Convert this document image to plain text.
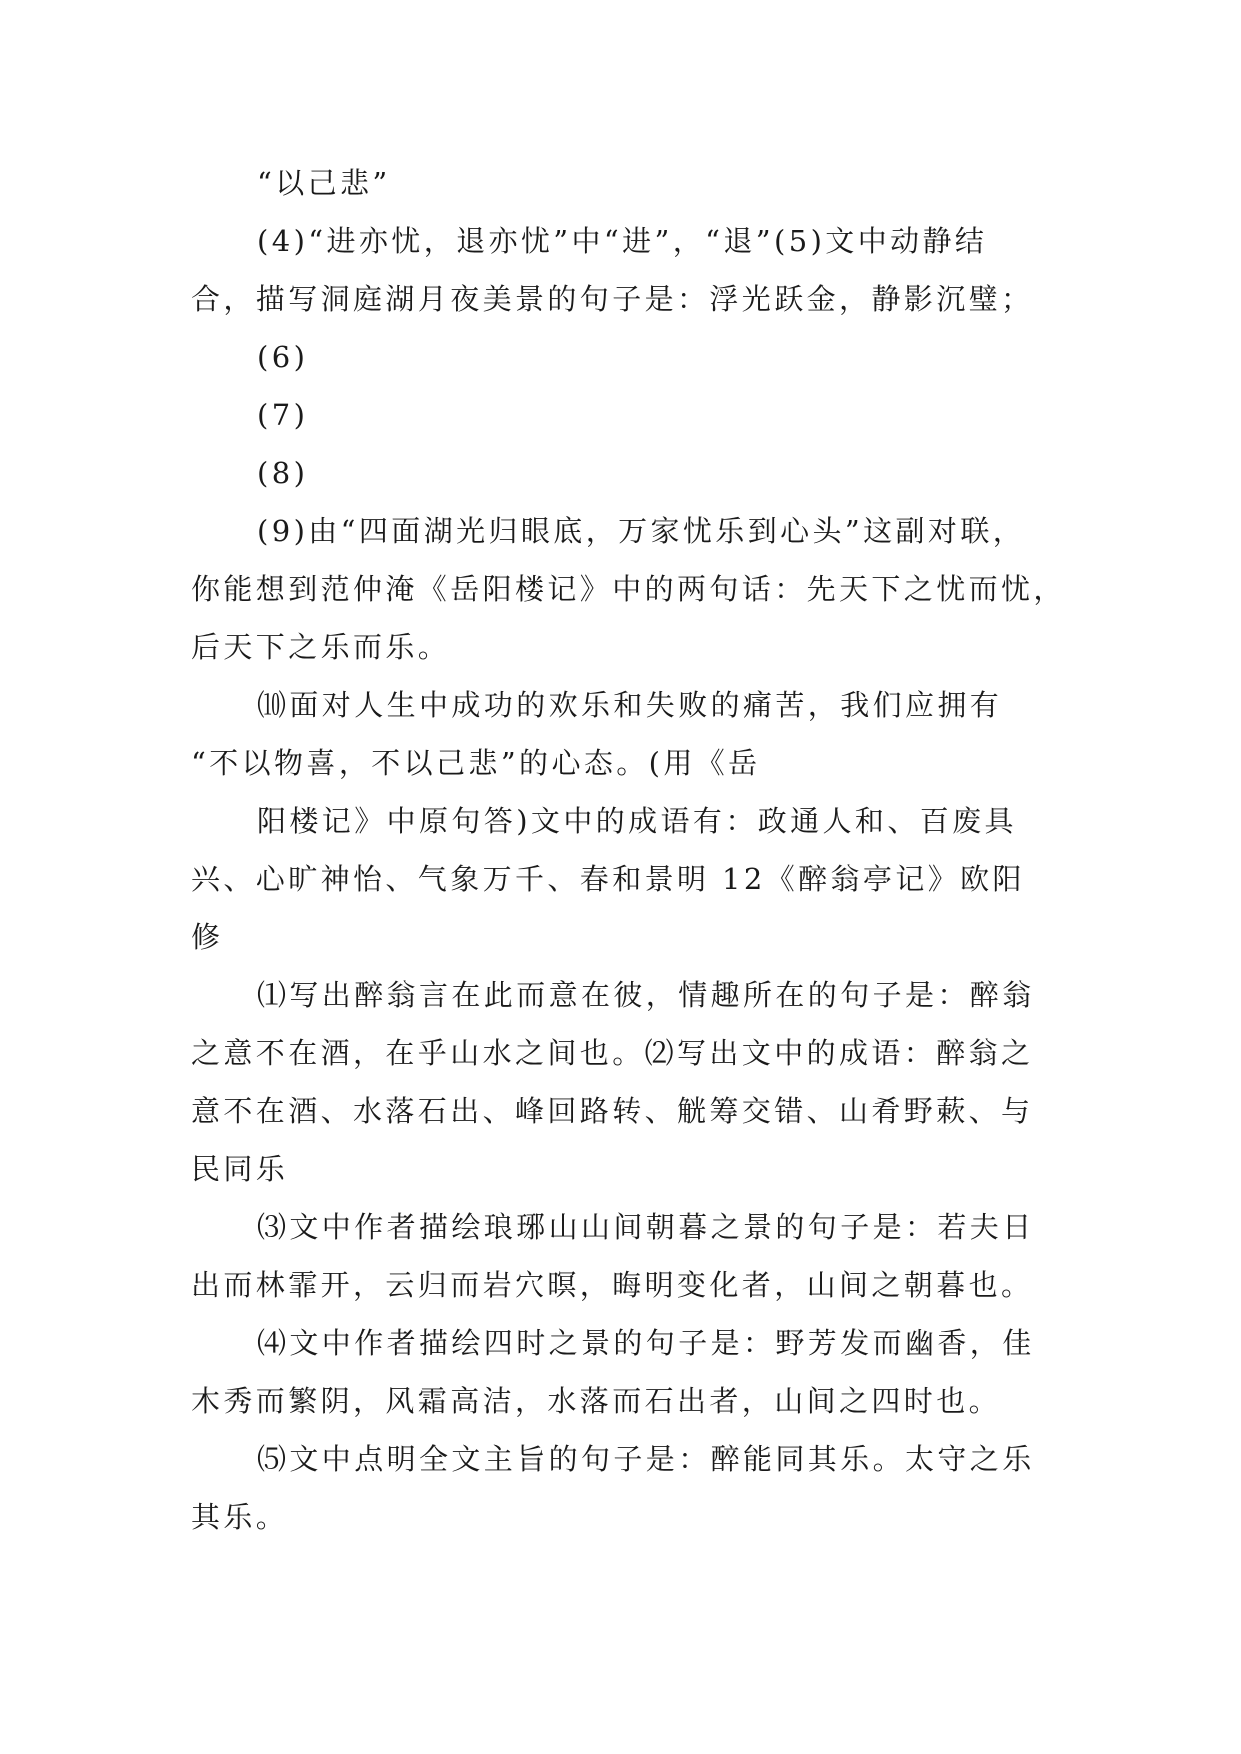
“以己悲”
(4)“进亦忧，退亦忧”中“进”，“退”(5)文中动静结
合，描写洞庭湖月夜美景的句子是：浮光跃金，静影沉璧；
(6)
(7)
(8)
(9)由“四面湖光归眼底，万家忧乐到心头”这副对联，
你能想到范仲淹《岳阳楼记》中的两句话：先天下之忧而忧，
后天下之乐而乐。
⑽面对人生中成功的欢乐和失败的痛苦，我们应拥有
“不以物喜，不以己悲”的心态。(用《岳
阳楼记》中原句答)文中的成语有：政通人和、百废具
兴、心旷神怡、气象万千、春和景明 12《醉翁亭记》欧阳
修
⑴写出醉翁言在此而意在彼，情趣所在的句子是：醉翁
之意不在酒，在乎山水之间也。⑵写出文中的成语：醉翁之
意不在酒、水落石出、峰回路转、觥筹交错、山肴野蔌、与
民同乐
⑶文中作者描绘琅琊山山间朝暮之景的句子是：若夫日
出而林霏开，云归而岩穴暝，晦明变化者，山间之朝暮也。
⑷文中作者描绘四时之景的句子是：野芳发而幽香，佳
木秀而繁阴，风霜高洁，水落而石出者，山间之四时也。
⑸文中点明全文主旨的句子是：醉能同其乐。太守之乐
其乐。
